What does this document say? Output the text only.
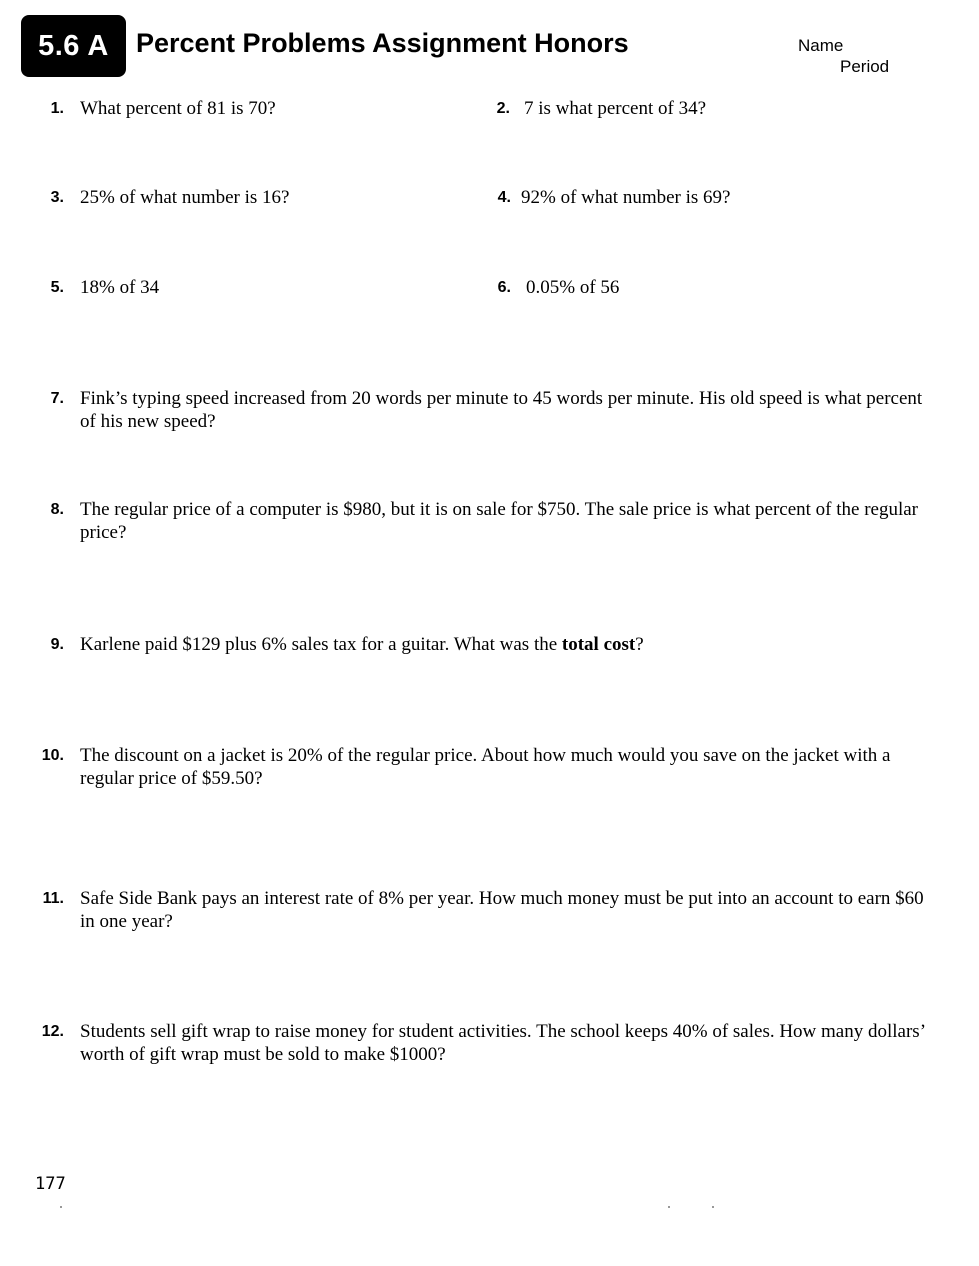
5.6 A	Percent Problems Assignment Honors	Name
Period
1. What percent of 81 is 70?	2. 7 is what percent of 34?
3. 25% of what number is 16?	4. 92% of what number is 69?
5. 18% of 34	6. 0.05% of 56
7. Fink’s typing speed increased from 20 words per minute to 45 words per minute. His old speed is what percent of his new speed?
8. The regular price of a computer is $980, but it is on sale for $750. The sale price is what percent of the regular price?
9. Karlene paid $129 plus 6% sales tax for a guitar. What was the total cost?
10. The discount on a jacket is 20% of the regular price. About how much would you save on the jacket with a regular price of $59.50?
11. Safe Side Bank pays an interest rate of 8% per year. How much money must be put into an account to earn $60 in one year?
12. Students sell gift wrap to raise money for student activities. The school keeps 40% of sales. How many dollars’ worth of gift wrap must be sold to make $1000?
177
